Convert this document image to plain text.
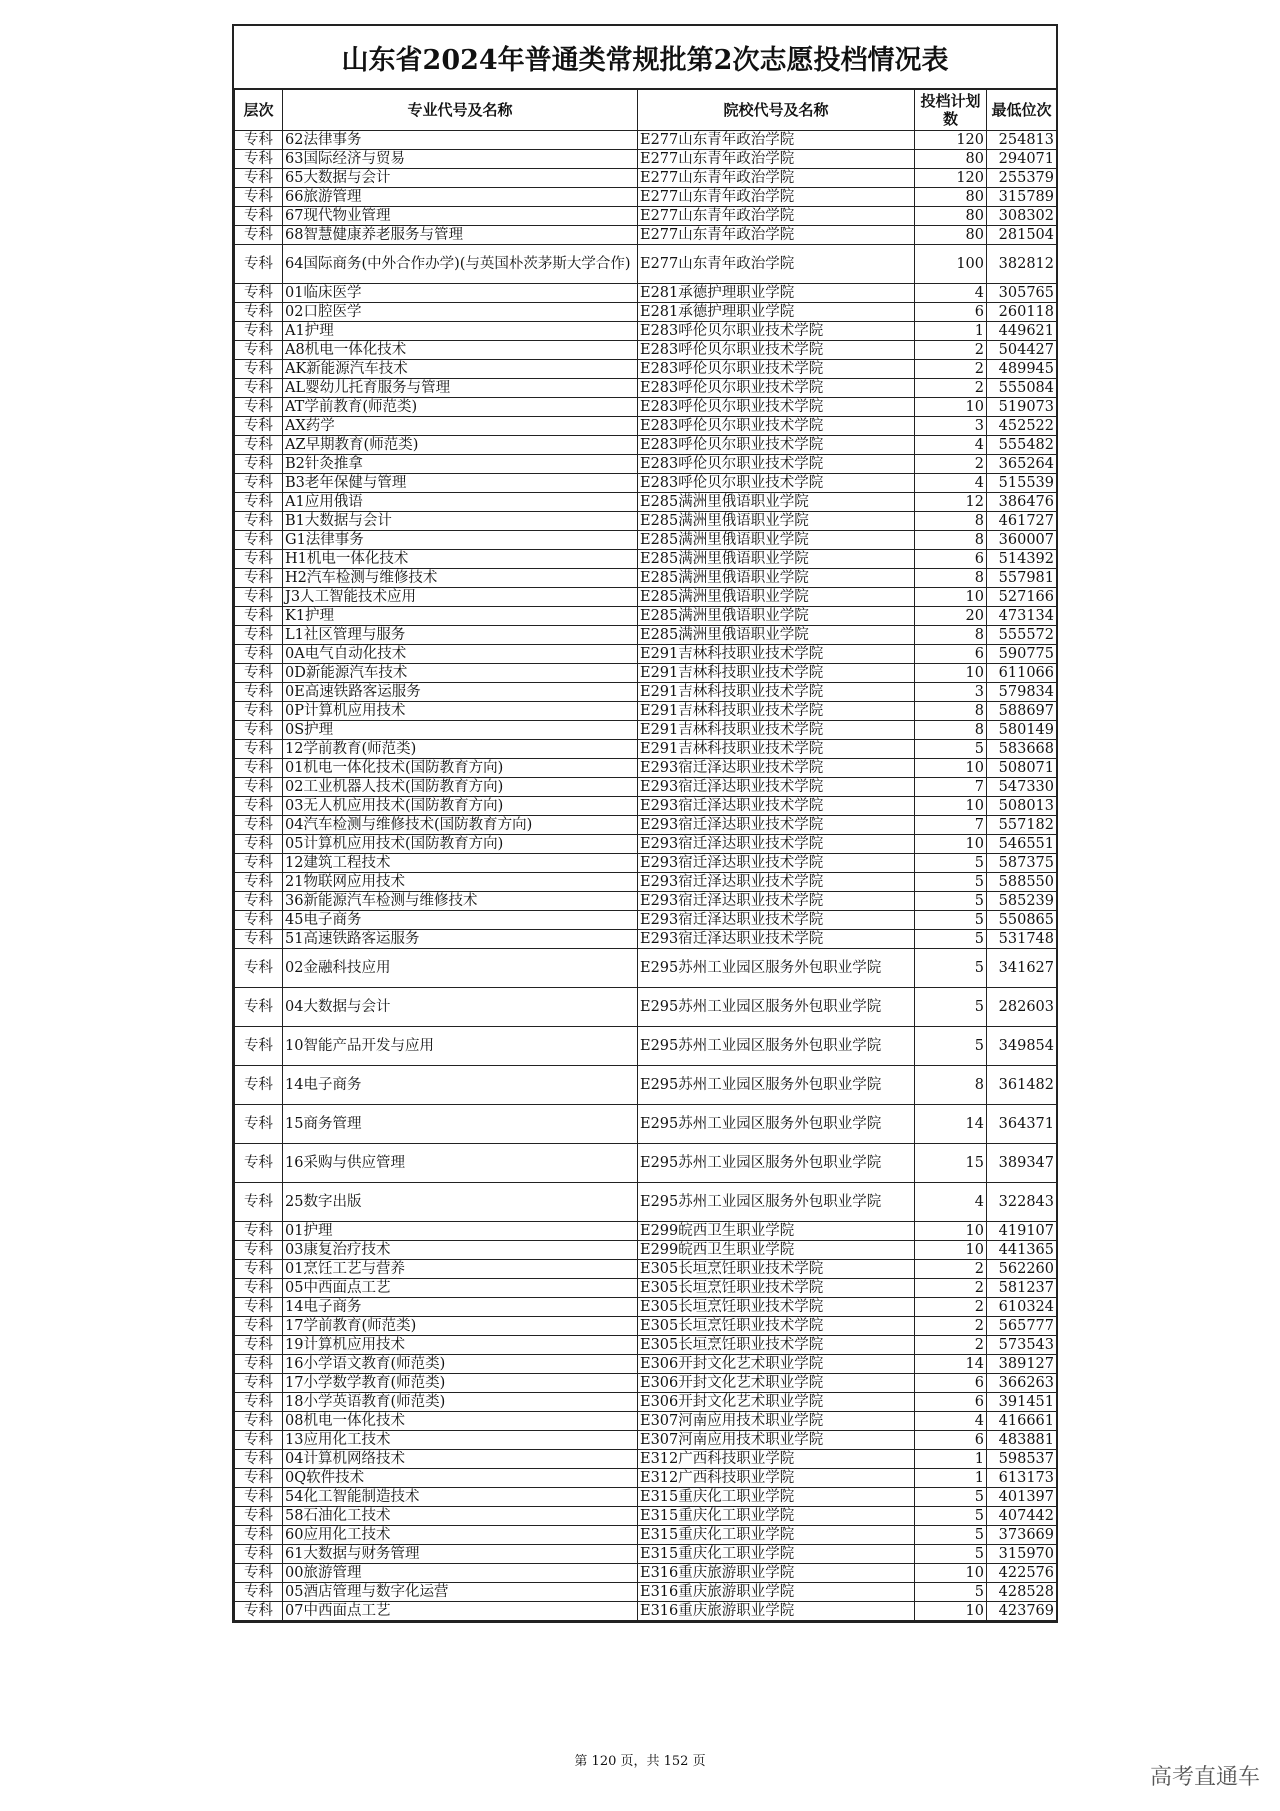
山东省2024年普通类常规批第2次志愿投档情况表
层次	专业代号及名称	院校代号及名称	投档计划数	最低位次
专科	62法律事务	E277山东青年政治学院	120	254813
专科	63国际经济与贸易	E277山东青年政治学院	80	294071
专科	65大数据与会计	E277山东青年政治学院	120	255379
专科	66旅游管理	E277山东青年政治学院	80	315789
专科	67现代物业管理	E277山东青年政治学院	80	308302
专科	68智慧健康养老服务与管理	E277山东青年政治学院	80	281504
专科	64国际商务(中外合作办学)(与英国朴茨茅斯大学合作)	E277山东青年政治学院	100	382812
专科	01临床医学	E281承德护理职业学院	4	305765
专科	02口腔医学	E281承德护理职业学院	6	260118
专科	A1护理	E283呼伦贝尔职业技术学院	1	449621
专科	A8机电一体化技术	E283呼伦贝尔职业技术学院	2	504427
专科	AK新能源汽车技术	E283呼伦贝尔职业技术学院	2	489945
专科	AL婴幼儿托育服务与管理	E283呼伦贝尔职业技术学院	2	555084
专科	AT学前教育(师范类)	E283呼伦贝尔职业技术学院	10	519073
专科	AX药学	E283呼伦贝尔职业技术学院	3	452522
专科	AZ早期教育(师范类)	E283呼伦贝尔职业技术学院	4	555482
专科	B2针灸推拿	E283呼伦贝尔职业技术学院	2	365264
专科	B3老年保健与管理	E283呼伦贝尔职业技术学院	4	515539
专科	A1应用俄语	E285满洲里俄语职业学院	12	386476
专科	B1大数据与会计	E285满洲里俄语职业学院	8	461727
专科	G1法律事务	E285满洲里俄语职业学院	8	360007
专科	H1机电一体化技术	E285满洲里俄语职业学院	6	514392
专科	H2汽车检测与维修技术	E285满洲里俄语职业学院	8	557981
专科	J3人工智能技术应用	E285满洲里俄语职业学院	10	527166
专科	K1护理	E285满洲里俄语职业学院	20	473134
专科	L1社区管理与服务	E285满洲里俄语职业学院	8	555572
专科	0A电气自动化技术	E291吉林科技职业技术学院	6	590775
专科	0D新能源汽车技术	E291吉林科技职业技术学院	10	611066
专科	0E高速铁路客运服务	E291吉林科技职业技术学院	3	579834
专科	0P计算机应用技术	E291吉林科技职业技术学院	8	588697
专科	0S护理	E291吉林科技职业技术学院	8	580149
专科	12学前教育(师范类)	E291吉林科技职业技术学院	5	583668
专科	01机电一体化技术(国防教育方向)	E293宿迁泽达职业技术学院	10	508071
专科	02工业机器人技术(国防教育方向)	E293宿迁泽达职业技术学院	7	547330
专科	03无人机应用技术(国防教育方向)	E293宿迁泽达职业技术学院	10	508013
专科	04汽车检测与维修技术(国防教育方向)	E293宿迁泽达职业技术学院	7	557182
专科	05计算机应用技术(国防教育方向)	E293宿迁泽达职业技术学院	10	546551
专科	12建筑工程技术	E293宿迁泽达职业技术学院	5	587375
专科	21物联网应用技术	E293宿迁泽达职业技术学院	5	588550
专科	36新能源汽车检测与维修技术	E293宿迁泽达职业技术学院	5	585239
专科	45电子商务	E293宿迁泽达职业技术学院	5	550865
专科	51高速铁路客运服务	E293宿迁泽达职业技术学院	5	531748
专科	02金融科技应用	E295苏州工业园区服务外包职业学院	5	341627
专科	04大数据与会计	E295苏州工业园区服务外包职业学院	5	282603
专科	10智能产品开发与应用	E295苏州工业园区服务外包职业学院	5	349854
专科	14电子商务	E295苏州工业园区服务外包职业学院	8	361482
专科	15商务管理	E295苏州工业园区服务外包职业学院	14	364371
专科	16采购与供应管理	E295苏州工业园区服务外包职业学院	15	389347
专科	25数字出版	E295苏州工业园区服务外包职业学院	4	322843
专科	01护理	E299皖西卫生职业学院	10	419107
专科	03康复治疗技术	E299皖西卫生职业学院	10	441365
专科	01烹饪工艺与营养	E305长垣烹饪职业技术学院	2	562260
专科	05中西面点工艺	E305长垣烹饪职业技术学院	2	581237
专科	14电子商务	E305长垣烹饪职业技术学院	2	610324
专科	17学前教育(师范类)	E305长垣烹饪职业技术学院	2	565777
专科	19计算机应用技术	E305长垣烹饪职业技术学院	2	573543
专科	16小学语文教育(师范类)	E306开封文化艺术职业学院	14	389127
专科	17小学数学教育(师范类)	E306开封文化艺术职业学院	6	366263
专科	18小学英语教育(师范类)	E306开封文化艺术职业学院	6	391451
专科	08机电一体化技术	E307河南应用技术职业学院	4	416661
专科	13应用化工技术	E307河南应用技术职业学院	6	483881
专科	04计算机网络技术	E312广西科技职业学院	1	598537
专科	0Q软件技术	E312广西科技职业学院	1	613173
专科	54化工智能制造技术	E315重庆化工职业学院	5	401397
专科	58石油化工技术	E315重庆化工职业学院	5	407442
专科	60应用化工技术	E315重庆化工职业学院	5	373669
专科	61大数据与财务管理	E315重庆化工职业学院	5	315970
专科	00旅游管理	E316重庆旅游职业学院	10	422576
专科	05酒店管理与数字化运营	E316重庆旅游职业学院	5	428528
专科	07中西面点工艺	E316重庆旅游职业学院	10	423769
第 120 页，共 152 页
高考直通车
